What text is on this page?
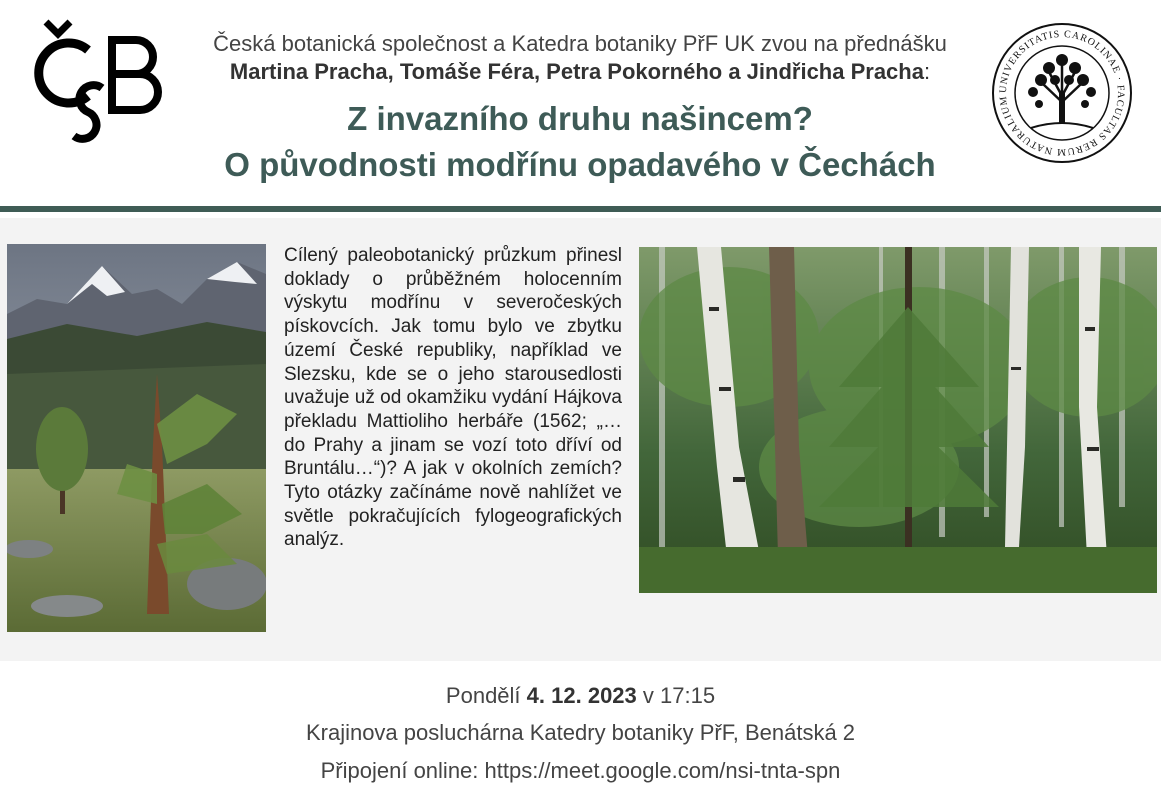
Česká botanická společnost a Katedra botaniky PřF UK zvou na přednášku
Martina Pracha, Tomáše Féra, Petra Pokorného a Jindřicha Pracha:
Z invazního druhu našincem?
O původnosti modřínu opadavého v Čechách
UNIVERSITATIS CAROLINAE · FACULTAS RERUM NATURALIUM
Cílený paleobotanický průzkum přinesl doklady o průběžném holocenním výskytu modřínu v severočeských pískovcích. Jak tomu bylo ve zbytku území České republiky, například ve Slezsku, kde se o jeho starousedlosti uvažuje už od okamžiku vydání Hájkova překladu Mattioliho herbáře (1562; „… do Prahy a jinam se vozí toto dříví od Bruntálu…“)? A jak v okolních zemích? Tyto otázky začínáme nově nahlížet ve světle pokračujících fylogeografických analýz.
Pondělí 4. 12. 2023 v 17:15
Krajinova posluchárna Katedry botaniky PřF, Benátská 2
Připojení online: https://meet.google.com/nsi-tnta-spn
